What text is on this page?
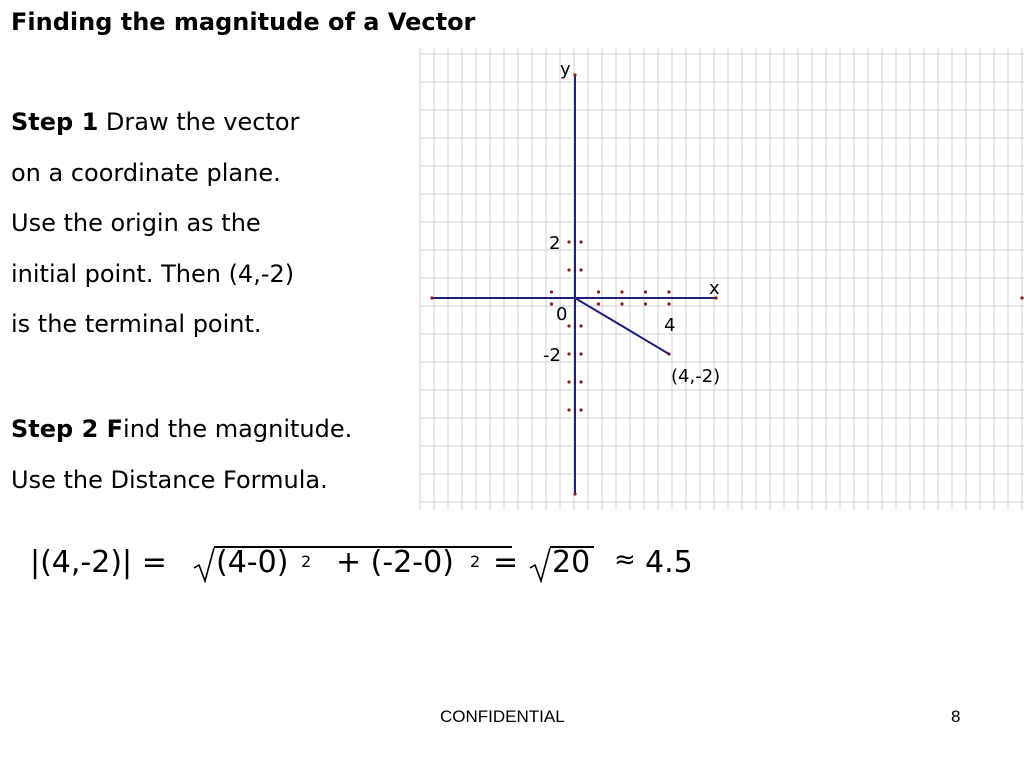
Finding the magnitude of a Vector
Step 1 Draw the vector
on a coordinate plane.
Use the origin as the
initial point. Then (4,-2)
is the terminal point.
Step 2 Find the magnitude.
Use the Distance Formula.
y
x
0
4
2
-2
(4,-2)
|(4,-2)| = (4-0) 2 + (-2-0) 2 = 20 ≈ 4.5
CONFIDENTIAL	8
